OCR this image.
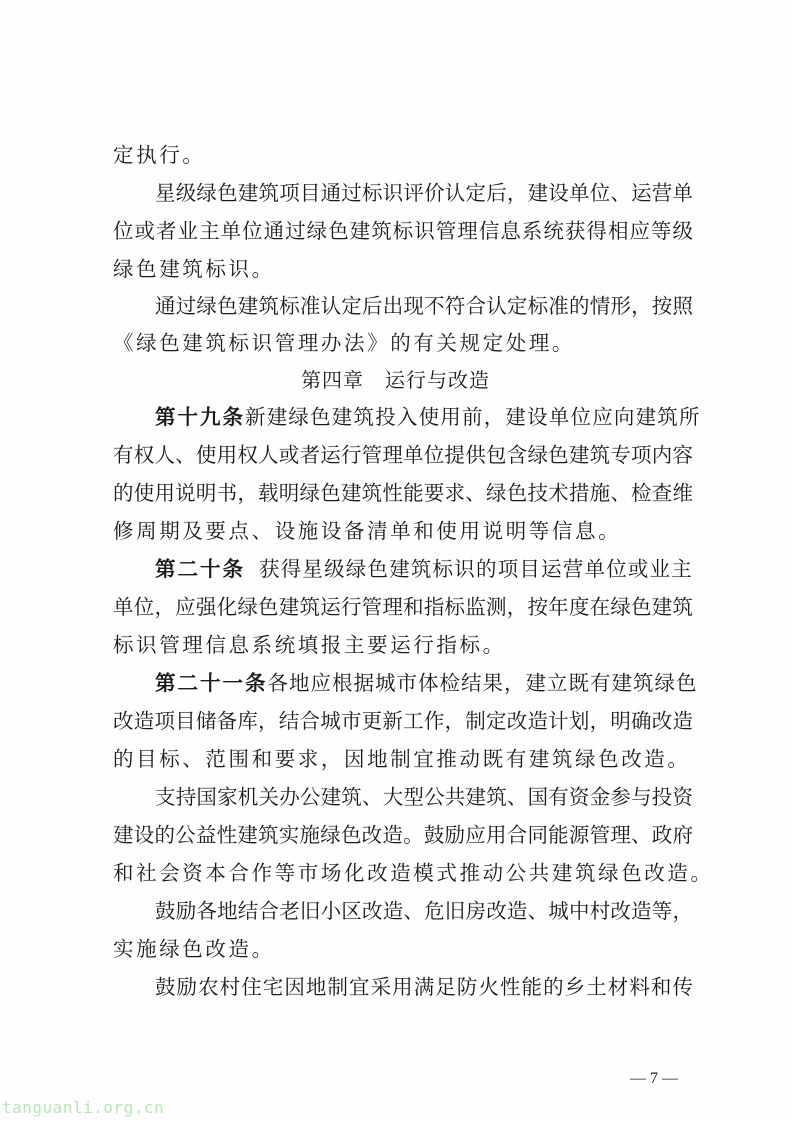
定执行。
星级绿色建筑项目通过标识评价认定后，建设单位、运营单
位或者业主单位通过绿色建筑标识管理信息系统获得相应等级
绿色建筑标识。
通过绿色建筑标准认定后出现不符合认定标准的情形，按照
《绿色建筑标识管理办法》的有关规定处理。
第四章　运行与改造
第十九条 新建绿色建筑投入使用前，建设单位应向建筑所
有权人、使用权人或者运行管理单位提供包含绿色建筑专项内容
的使用说明书，载明绿色建筑性能要求、绿色技术措施、检查维
修周期及要点、设施设备清单和使用说明等信息。
第二十条 获得星级绿色建筑标识的项目运营单位或业主
单位，应强化绿色建筑运行管理和指标监测，按年度在绿色建筑
标识管理信息系统填报主要运行指标。
第二十一条 各地应根据城市体检结果，建立既有建筑绿色
改造项目储备库，结合城市更新工作，制定改造计划，明确改造
的目标、范围和要求，因地制宜推动既有建筑绿色改造。
支持国家机关办公建筑、大型公共建筑、国有资金参与投资
建设的公益性建筑实施绿色改造。鼓励应用合同能源管理、政府
和社会资本合作等市场化改造模式推动公共建筑绿色改造。
鼓励各地结合老旧小区改造、危旧房改造、城中村改造等，
实施绿色改造。
鼓励农村住宅因地制宜采用满足防火性能的乡土材料和传
— 7 —
tanguanli.org.cn
